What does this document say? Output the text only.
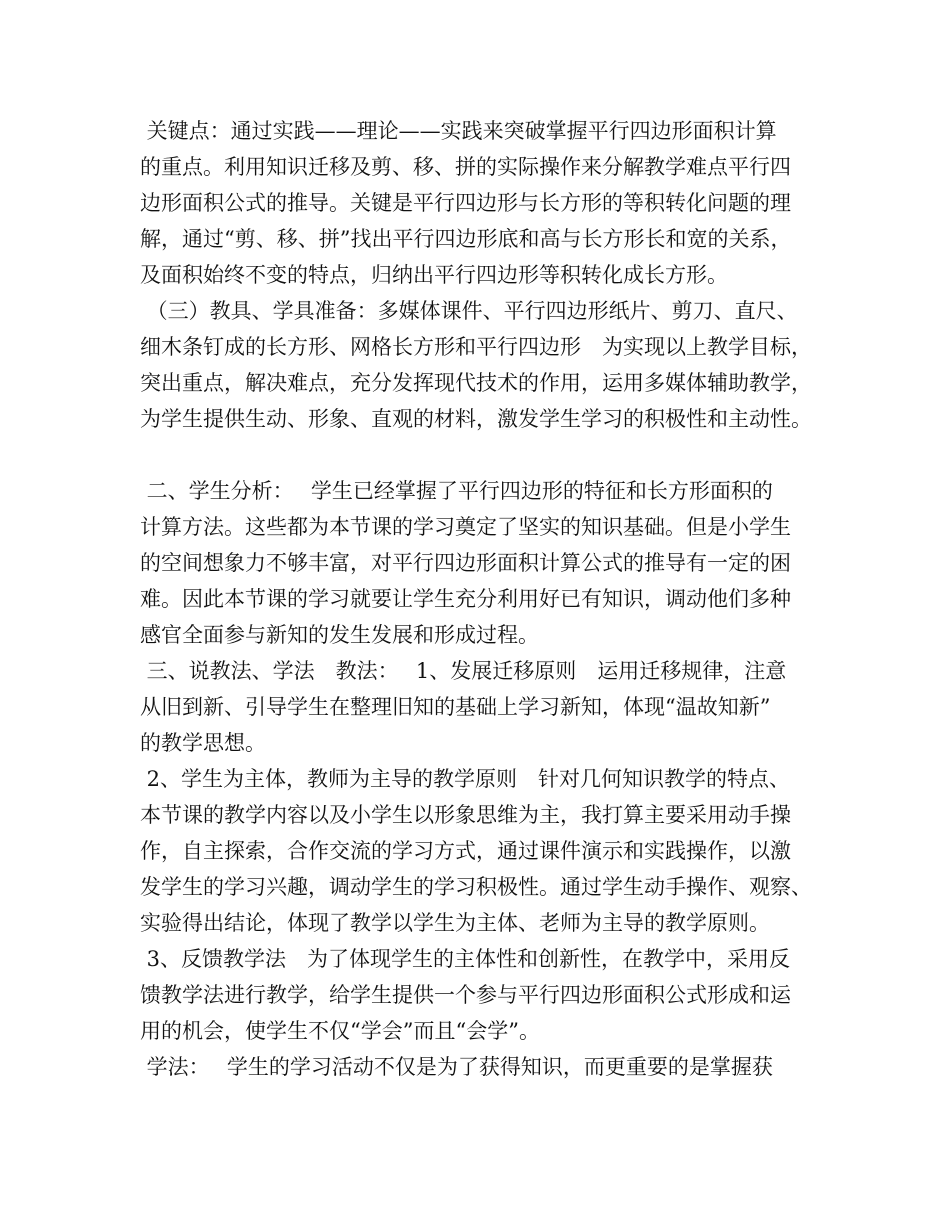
关键点：通过实践——理论——实践来突破掌握平行四边形面积计算

的重点。利用知识迁移及剪、移、拼的实际操作来分解教学难点平行四

边形面积公式的推导。关键是平行四边形与长方形的等积转化问题的理

解，通过“剪、移、拼”找出平行四边形底和高与长方形长和宽的关系，

及面积始终不变的特点，归纳出平行四边形等积转化成长方形。

（三）教具、学具准备：多媒体课件、平行四边形纸片、剪刀、直尺、

细木条钉成的长方形、网格长方形和平行四边形　为实现以上教学目标，

突出重点，解决难点，充分发挥现代技术的作用，运用多媒体辅助教学，

为学生提供生动、形象、直观的材料，激发学生学习的积极性和主动性。

二、学生分析：　 学生已经掌握了平行四边形的特征和长方形面积的

计算方法。这些都为本节课的学习奠定了坚实的知识基础。但是小学生

的空间想象力不够丰富，对平行四边形面积计算公式的推导有一定的困

难。因此本节课的学习就要让学生充分利用好已有知识，调动他们多种

感官全面参与新知的发生发展和形成过程。

三、说教法、学法　教法：　 1、发展迁移原则　运用迁移规律，注意

从旧到新、引导学生在整理旧知的基础上学习新知，体现“温故知新”

的教学思想。

2、学生为主体，教师为主导的教学原则　针对几何知识教学的特点、

本节课的教学内容以及小学生以形象思维为主，我打算主要采用动手操

作，自主探索，合作交流的学习方式，通过课件演示和实践操作，以激

发学生的学习兴趣，调动学生的学习积极性。通过学生动手操作、观察、

实验得出结论，体现了教学以学生为主体、老师为主导的教学原则。

3、反馈教学法　为了体现学生的主体性和创新性，在教学中，采用反

馈教学法进行教学，给学生提供一个参与平行四边形面积公式形成和运

用的机会，使学生不仅“学会”而且“会学”。

学法：　 学生的学习活动不仅是为了获得知识，而更重要的是掌握获
